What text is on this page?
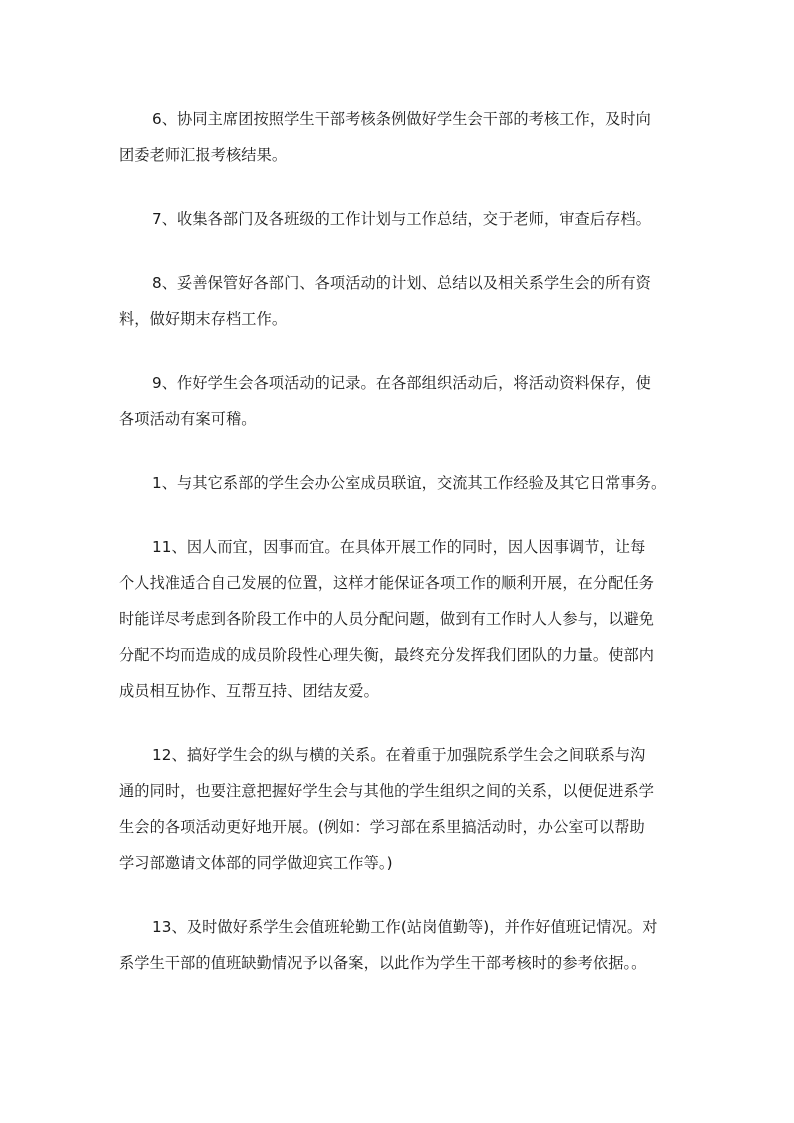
6、协同主席团按照学生干部考核条例做好学生会干部的考核工作，及时向
团委老师汇报考核结果。

7、收集各部门及各班级的工作计划与工作总结，交于老师，审查后存档。

8、妥善保管好各部门、各项活动的计划、总结以及相关系学生会的所有资
料，做好期末存档工作。

9、作好学生会各项活动的记录。在各部组织活动后，将活动资料保存，使
各项活动有案可稽。

1、与其它系部的学生会办公室成员联谊，交流其工作经验及其它日常事务。

11、因人而宜，因事而宜。在具体开展工作的同时，因人因事调节，让每
个人找准适合自己发展的位置，这样才能保证各项工作的顺利开展，在分配任务
时能详尽考虑到各阶段工作中的人员分配问题，做到有工作时人人参与，以避免
分配不均而造成的成员阶段性心理失衡，最终充分发挥我们团队的力量。使部内
成员相互协作、互帮互持、团结友爱。

12、搞好学生会的纵与横的关系。在着重于加强院系学生会之间联系与沟
通的同时，也要注意把握好学生会与其他的学生组织之间的关系，以便促进系学
生会的各项活动更好地开展。(例如：学习部在系里搞活动时，办公室可以帮助
学习部邀请文体部的同学做迎宾工作等。)

13、及时做好系学生会值班轮勤工作(站岗值勤等)，并作好值班记情况。对
系学生干部的值班缺勤情况予以备案，以此作为学生干部考核时的参考依据。。
